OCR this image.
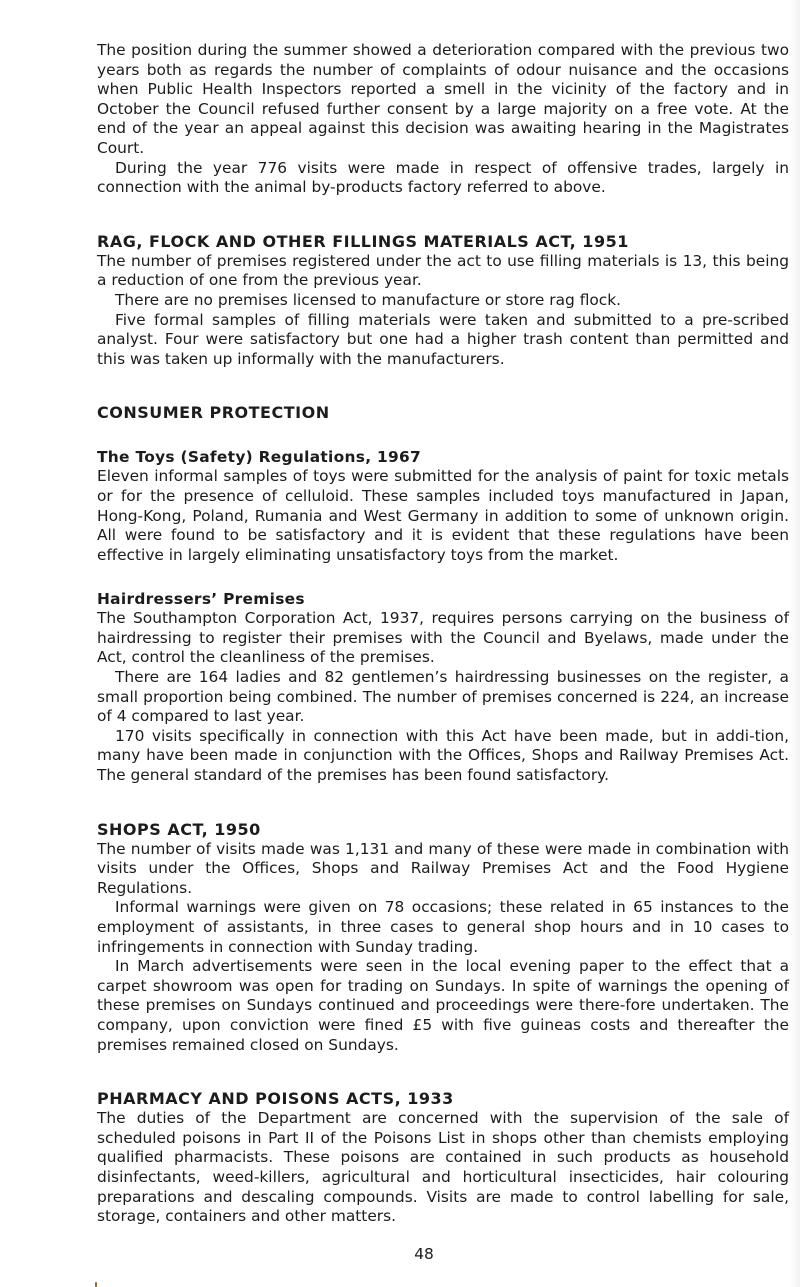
The position during the summer showed a deterioration compared with the previous two years both as regards the number of complaints of odour nuisance and the occasions when Public Health Inspectors reported a smell in the vicinity of the factory and in October the Council refused further consent by a large majority on a free vote. At the end of the year an appeal against this decision was awaiting hearing in the Magistrates Court.

During the year 776 visits were made in respect of offensive trades, largely in connection with the animal by-products factory referred to above.

RAG, FLOCK AND OTHER FILLINGS MATERIALS ACT, 1951

The number of premises registered under the act to use filling materials is 13, this being a reduction of one from the previous year.

There are no premises licensed to manufacture or store rag flock.

Five formal samples of filling materials were taken and submitted to a pre-scribed analyst. Four were satisfactory but one had a higher trash content than permitted and this was taken up informally with the manufacturers.

CONSUMER PROTECTION
The Toys (Safety) Regulations, 1967

Eleven informal samples of toys were submitted for the analysis of paint for toxic metals or for the presence of celluloid. These samples included toys manufactured in Japan, Hong-Kong, Poland, Rumania and West Germany in addition to some of unknown origin. All were found to be satisfactory and it is evident that these regulations have been effective in largely eliminating unsatisfactory toys from the market.

Hairdressers’ Premises

The Southampton Corporation Act, 1937, requires persons carrying on the business of hairdressing to register their premises with the Council and Byelaws, made under the Act, control the cleanliness of the premises.

There are 164 ladies and 82 gentlemen’s hairdressing businesses on the register, a small proportion being combined. The number of premises concerned is 224, an increase of 4 compared to last year.

170 visits specifically in connection with this Act have been made, but in addi-tion, many have been made in conjunction with the Offices, Shops and Railway Premises Act. The general standard of the premises has been found satisfactory.

SHOPS ACT, 1950

The number of visits made was 1,131 and many of these were made in combination with visits under the Offices, Shops and Railway Premises Act and the Food Hygiene Regulations.

Informal warnings were given on 78 occasions; these related in 65 instances to the employment of assistants, in three cases to general shop hours and in 10 cases to infringements in connection with Sunday trading.

In March advertisements were seen in the local evening paper to the effect that a carpet showroom was open for trading on Sundays. In spite of warnings the opening of these premises on Sundays continued and proceedings were there-fore undertaken. The company, upon conviction were fined £5 with five guineas costs and thereafter the premises remained closed on Sundays.

PHARMACY AND POISONS ACTS, 1933

The duties of the Department are concerned with the supervision of the sale of scheduled poisons in Part II of the Poisons List in shops other than chemists employing qualified pharmacists. These poisons are contained in such products as household disinfectants, weed-killers, agricultural and horticultural insecticides, hair colouring preparations and descaling compounds. Visits are made to control labelling for sale, storage, containers and other matters.

48
